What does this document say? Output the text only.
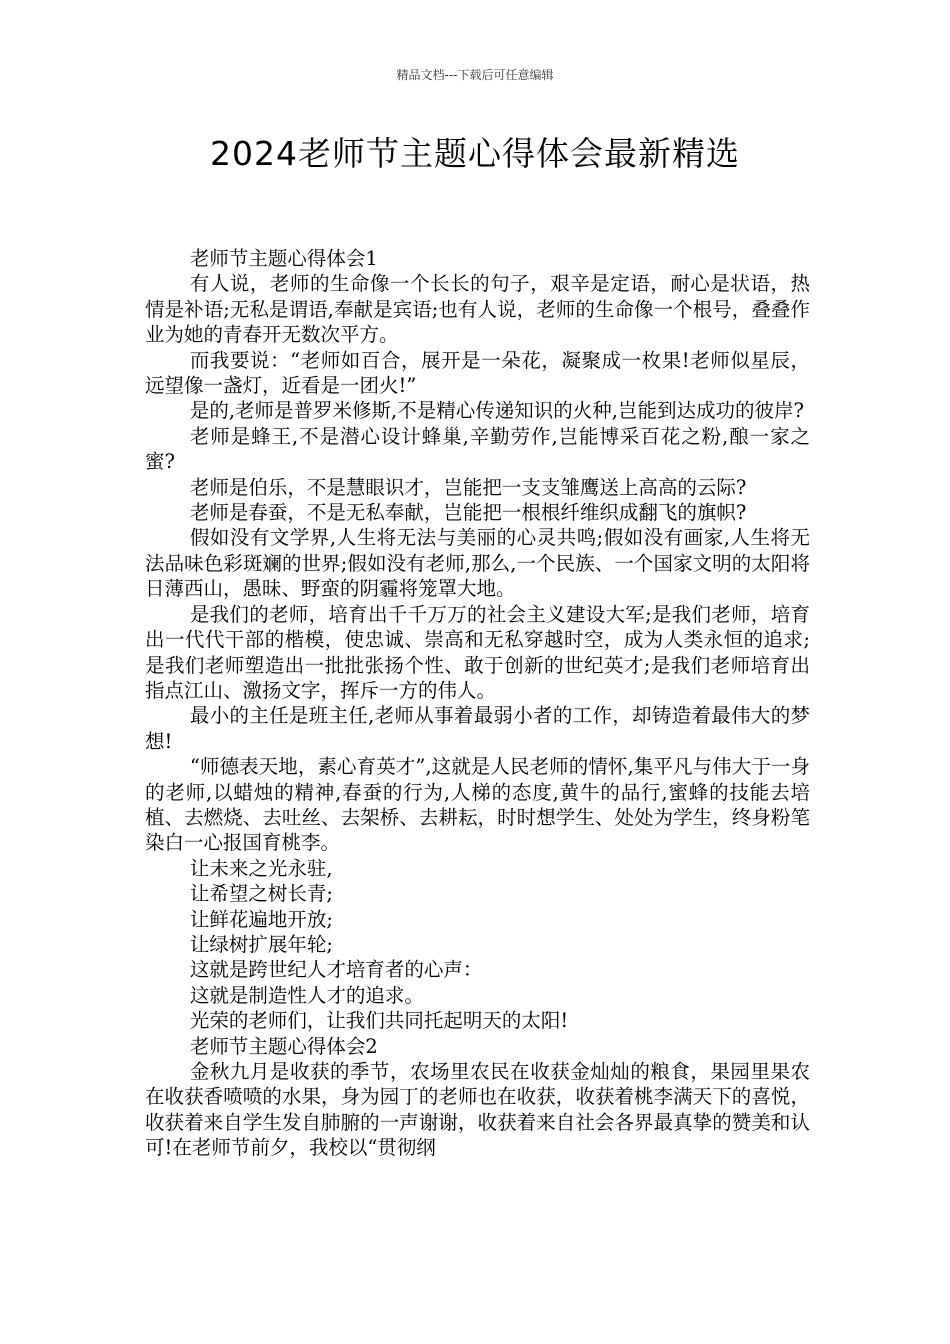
精品文档---下载后可任意编辑
2024老师节主题心得体会最新精选

老师节主题心得体会1

有人说，老师的生命像一个长长的句子，艰辛是定语，耐心是状语，热情是补语;无私是谓语,奉献是宾语;也有人说，老师的生命像一个根号，叠叠作业为她的青春开无数次平方。

而我要说：“老师如百合，展开是一朵花，凝聚成一枚果!老师似星辰，远望像一盏灯，近看是一团火!”

是的,老师是普罗米修斯,不是精心传递知识的火种,岂能到达成功的彼岸?

老师是蜂王,不是潜心设计蜂巢,辛勤劳作,岂能博采百花之粉,酿一家之蜜?

老师是伯乐，不是慧眼识才，岂能把一支支雏鹰送上高高的云际?

老师是春蚕，不是无私奉献，岂能把一根根纤维织成翻飞的旗帜?

假如没有文学界,人生将无法与美丽的心灵共鸣;假如没有画家,人生将无法品味色彩斑斓的世界;假如没有老师,那么,一个民族、一个国家文明的太阳将日薄西山，愚昧、野蛮的阴霾将笼罩大地。

是我们的老师，培育出千千万万的社会主义建设大军;是我们老师，培育出一代代干部的楷模，使忠诚、崇高和无私穿越时空，成为人类永恒的追求;是我们老师塑造出一批批张扬个性、敢于创新的世纪英才;是我们老师培育出指点江山、激扬文字，挥斥一方的伟人。

最小的主任是班主任,老师从事着最弱小者的工作，却铸造着最伟大的梦想!

“师德表天地，素心育英才”,这就是人民老师的情怀,集平凡与伟大于一身的老师,以蜡烛的精神,春蚕的行为,人梯的态度,黄牛的品行,蜜蜂的技能去培植、去燃烧、去吐丝、去架桥、去耕耘，时时想学生、处处为学生，终身粉笔染白一心报国育桃李。

让未来之光永驻,

让希望之树长青;

让鲜花遍地开放;

让绿树扩展年轮;

这就是跨世纪人才培育者的心声：

这就是制造性人才的追求。

光荣的老师们，让我们共同托起明天的太阳!

老师节主题心得体会2

金秋九月是收获的季节，农场里农民在收获金灿灿的粮食，果园里果农在收获香喷喷的水果，身为园丁的老师也在收获，收获着桃李满天下的喜悦，收获着来自学生发自肺腑的一声谢谢，收获着来自社会各界最真挚的赞美和认可!在老师节前夕，我校以“贯彻纲
